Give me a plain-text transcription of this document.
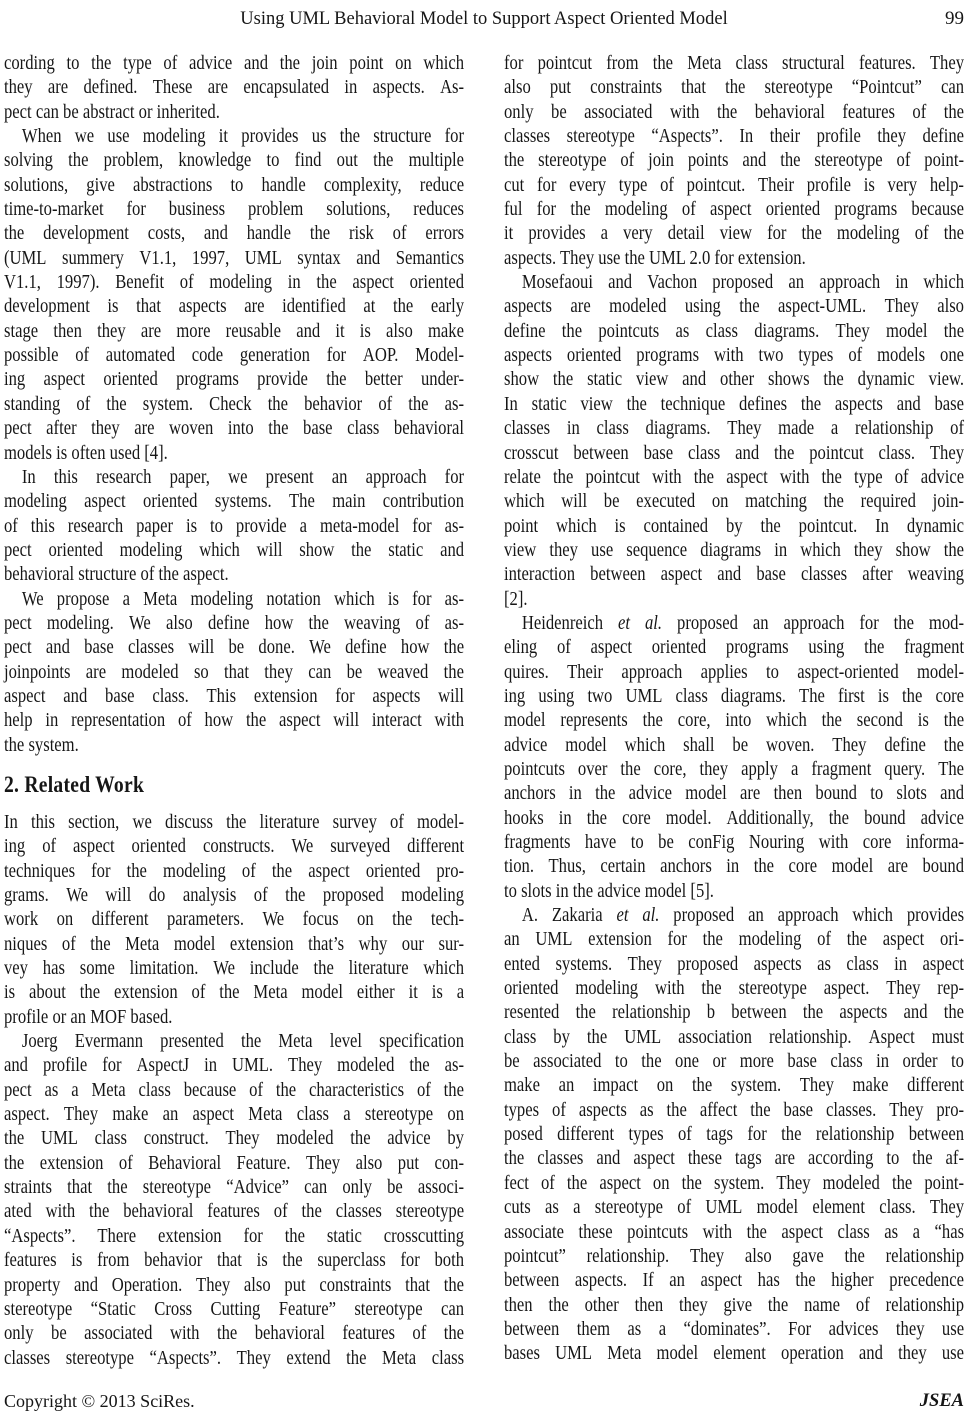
Using UML Behavioral Model to Support Aspect Oriented Model	99
cording to the type of advice and the join point on which
they are defined. These are encapsulated in aspects. As-
pect can be abstract or inherited.
When we use modeling it provides us the structure for
solving the problem, knowledge to find out the multiple
solutions, give abstractions to handle complexity, reduce
time-to-market for business problem solutions, reduces
the development costs, and handle the risk of errors
(UML summery V1.1, 1997, UML syntax and Semantics
V1.1, 1997). Benefit of modeling in the aspect oriented
development is that aspects are identified at the early
stage then they are more reusable and it is also make
possible of automated code generation for AOP. Model-
ing aspect oriented programs provide the better under-
standing of the system. Check the behavior of the as-
pect after they are woven into the base class behavioral
models is often used [4].
In this research paper, we present an approach for
modeling aspect oriented systems. The main contribution
of this research paper is to provide a meta-model for as-
pect oriented modeling which will show the static and
behavioral structure of the aspect.
We propose a Meta modeling notation which is for as-
pect modeling. We also define how the weaving of as-
pect and base classes will be done. We define how the
joinpoints are modeled so that they can be weaved the
aspect and base class. This extension for aspects will
help in representation of how the aspect will interact with
the system.
2. Related Work
In this section, we discuss the literature survey of model-
ing of aspect oriented constructs. We surveyed different
techniques for the modeling of the aspect oriented pro-
grams. We will do analysis of the proposed modeling
work on different parameters. We focus on the tech-
niques of the Meta model extension that’s why our sur-
vey has some limitation. We include the literature which
is about the extension of the Meta model either it is a
profile or an MOF based.
Joerg Evermann presented the Meta level specification
and profile for AspectJ in UML. They modeled the as-
pect as a Meta class because of the characteristics of the
aspect. They make an aspect Meta class a stereotype on
the UML class construct. They modeled the advice by
the extension of Behavioral Feature. They also put con-
straints that the stereotype “Advice” can only be associ-
ated with the behavioral features of the classes stereotype
“Aspects”. There extension for the static crosscutting
features is from behavior that is the superclass for both
property and Operation. They also put constraints that the
stereotype “Static Cross Cutting Feature” stereotype can
only be associated with the behavioral features of the
classes stereotype “Aspects”. They extend the Meta class
for pointcut from the Meta class structural features. They
also put constraints that the stereotype “Pointcut” can
only be associated with the behavioral features of the
classes stereotype “Aspects”. In their profile they define
the stereotype of join points and the stereotype of point-
cut for every type of pointcut. Their profile is very help-
ful for the modeling of aspect oriented programs because
it provides a very detail view for the modeling of the
aspects. They use the UML 2.0 for extension.
Mosefaoui and Vachon proposed an approach in which
aspects are modeled using the aspect-UML. They also
define the pointcuts as class diagrams. They model the
aspects oriented programs with two types of models one
show the static view and other shows the dynamic view.
In static view the technique defines the aspects and base
classes in class diagrams. They made a relationship of
crosscut between base class and the pointcut class. They
relate the pointcut with the aspect with the type of advice
which will be executed on matching the required join-
point which is contained by the pointcut. In dynamic
view they use sequence diagrams in which they show the
interaction between aspect and base classes after weaving
[2].
Heidenreich et al. proposed an approach for the mod-
eling of aspect oriented programs using the fragment
quires. Their approach applies to aspect-oriented model-
ing using two UML class diagrams. The first is the core
model represents the core, into which the second is the
advice model which shall be woven. They define the
pointcuts over the core, they apply a fragment query. The
anchors in the advice model are then bound to slots and
hooks in the core model. Additionally, the bound advice
fragments have to be conFig Nouring with core informa-
tion. Thus, certain anchors in the core model are bound
to slots in the advice model [5].
A. Zakaria et al. proposed an approach which provides
an UML extension for the modeling of the aspect ori-
ented systems. They proposed aspects as class in aspect
oriented modeling with the stereotype aspect. They rep-
resented the relationship b between the aspects and the
class by the UML association relationship. Aspect must
be associated to the one or more base class in order to
make an impact on the system. They make different
types of aspects as the affect the base classes. They pro-
posed different types of tags for the relationship between
the classes and aspect these tags are according to the af-
fect of the aspect on the system. They modeled the point-
cuts as a stereotype of UML model element class. They
associate these pointcuts with the aspect class as a “has
pointcut” relationship. They also gave the relationship
between aspects. If an aspect has the higher precedence
then the other then they give the name of relationship
between them as a “dominates”. For advices they use
bases UML Meta model element operation and they use
Copyright © 2013 SciRes.	JSEA
